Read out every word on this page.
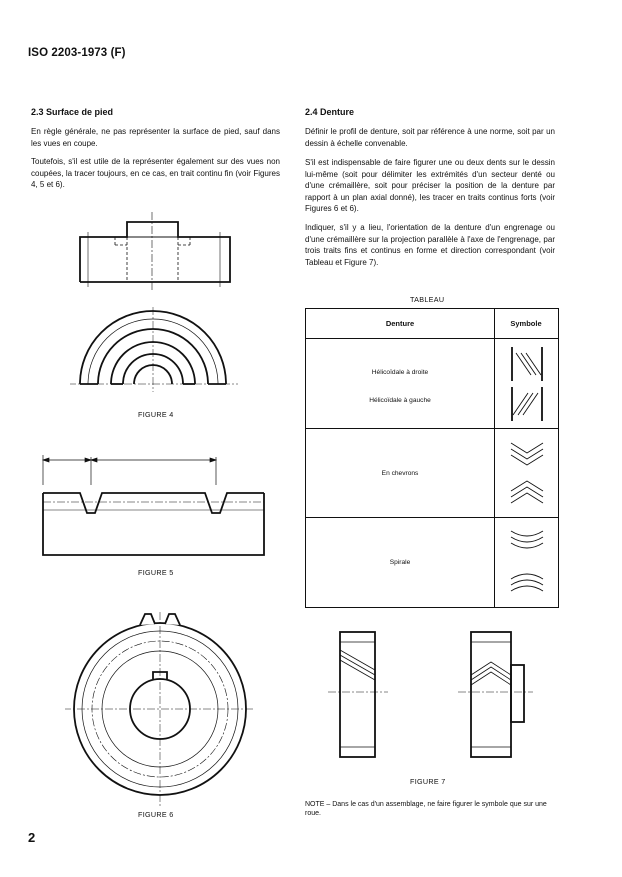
ISO 2203-1973 (F)
2.3 Surface de pied
En règle générale, ne pas représenter la surface de pied, sauf dans les vues en coupe.
Toutefois, s'il est utile de la représenter également sur des vues non coupées, la tracer toujours, en ce cas, en trait continu fin (voir Figures 4, 5 et 6).
FIGURE 4
FIGURE 5
FIGURE 6
2.4 Denture
Définir le profil de denture, soit par référence à une norme, soit par un dessin à échelle convenable.
S'il est indispensable de faire figurer une ou deux dents sur le dessin lui-même (soit pour délimiter les extrémités d'un secteur denté ou d'une crémaillère, soit pour préciser la position de la denture par rapport à un plan axial donné), les tracer en traits continus forts (voir Figures 6 et 6).
Indiquer, s'il y a lieu, l'orientation de la denture d'un engrenage ou d'une crémaillère sur la projection parallèle à l'axe de l'engrenage, par trois traits fins et continus en forme et direction correspondant (voir Tableau et Figure 7).
TABLEAU
Denture	Symbole
Hélicoïdale à droite
Hélicoïdale à gauche
En chevrons
Spirale
FIGURE 7
NOTE – Dans le cas d'un assemblage, ne faire figurer le symbole que sur une roue.
2
